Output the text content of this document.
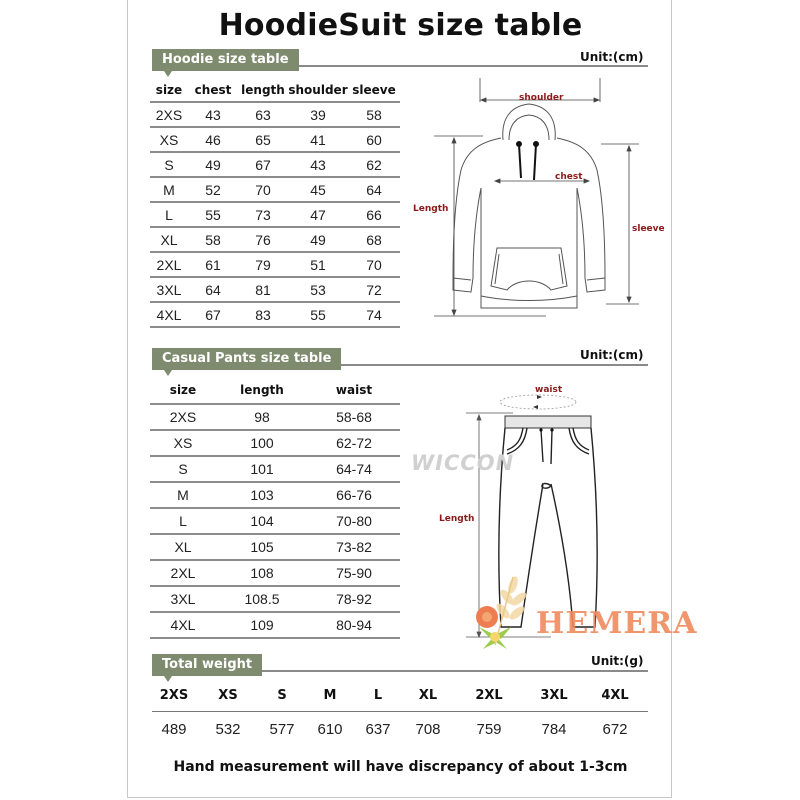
HoodieSuit size table
Hoodie size table	Unit:(cm)
size	chest	length	shoulder	sleeve
2XS	43	63	39	58
XS	46	65	41	60
S	49	67	43	62
M	52	70	45	64
L	55	73	47	66
XL	58	76	49	68
2XL	61	79	51	70
3XL	64	81	53	72
4XL	67	83	55	74
shoulder
chest
Length
sleeve
Casual Pants size table	Unit:(cm)
size	length	waist
2XS	98	58-68
XS	100	62-72
S	101	64-74
M	103	66-76
L	104	70-80
XL	105	73-82
2XL	108	75-90
3XL	108.5	78-92
4XL	109	80-94
waist
Length
WICCON
HEMERA
Total weight	Unit:(g)
2XS	XS	S	M	L	XL	2XL	3XL	4XL
489	532	577	610	637	708	759	784	672
Hand measurement will have discrepancy of about 1-3cm
